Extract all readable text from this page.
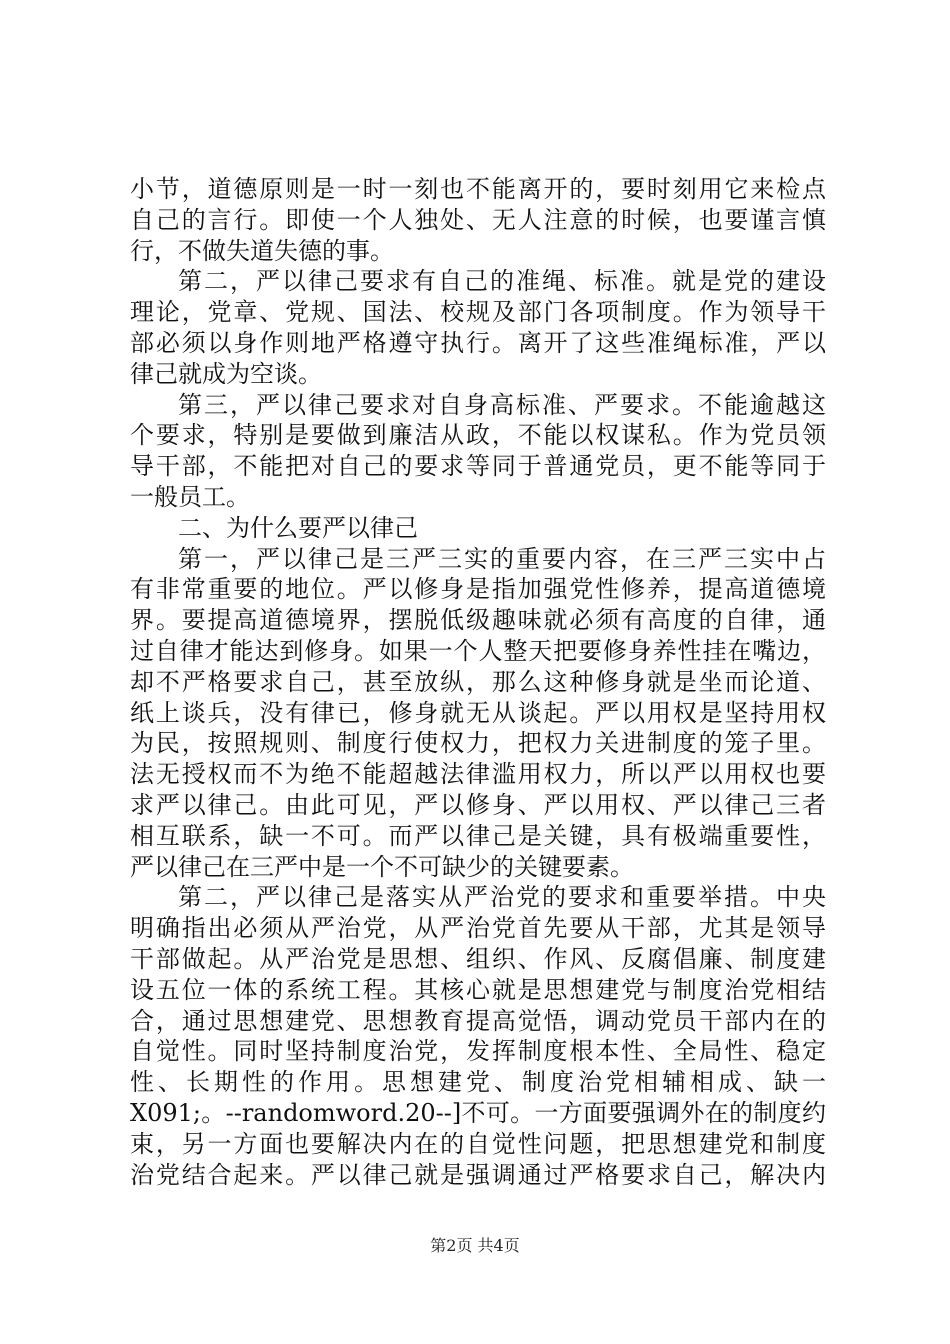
小节，道德原则是一时一刻也不能离开的，要时刻用它来检点
自己的言行。即使一个人独处、无人注意的时候，也要谨言慎
行，不做失道失德的事。
第二，严以律己要求有自己的准绳、标准。就是党的建设
理论，党章、党规、国法、校规及部门各项制度。作为领导干
部必须以身作则地严格遵守执行。离开了这些准绳标准，严以
律己就成为空谈。
第三，严以律己要求对自身高标准、严要求。不能逾越这
个要求，特别是要做到廉洁从政，不能以权谋私。作为党员领
导干部，不能把对自己的要求等同于普通党员，更不能等同于
一般员工。
二、为什么要严以律己
第一，严以律己是三严三实的重要内容，在三严三实中占
有非常重要的地位。严以修身是指加强党性修养，提高道德境
界。要提高道德境界，摆脱低级趣味就必须有高度的自律，通
过自律才能达到修身。如果一个人整天把要修身养性挂在嘴边，
却不严格要求自己，甚至放纵，那么这种修身就是坐而论道、
纸上谈兵，没有律已，修身就无从谈起。严以用权是坚持用权
为民，按照规则、制度行使权力，把权力关进制度的笼子里。
法无授权而不为绝不能超越法律滥用权力，所以严以用权也要
求严以律己。由此可见，严以修身、严以用权、严以律己三者
相互联系，缺一不可。而严以律己是关键，具有极端重要性，
严以律己在三严中是一个不可缺少的关键要素。
第二，严以律己是落实从严治党的要求和重要举措。中央
明确指出必须从严治党，从严治党首先要从干部，尤其是领导
干部做起。从严治党是思想、组织、作风、反腐倡廉、制度建
设五位一体的系统工程。其核心就是思想建党与制度治党相结
合，通过思想建党、思想教育提高觉悟，调动党员干部内在的
自觉性。同时坚持制度治党，发挥制度根本性、全局性、稳定
性、长期性的作用。思想建党、制度治党相辅相成、缺一
X091;。--randomword.20--]不可。一方面要强调外在的制度约
束，另一方面也要解决内在的自觉性问题，把思想建党和制度
治党结合起来。严以律己就是强调通过严格要求自己，解决内
第2页 共4页
